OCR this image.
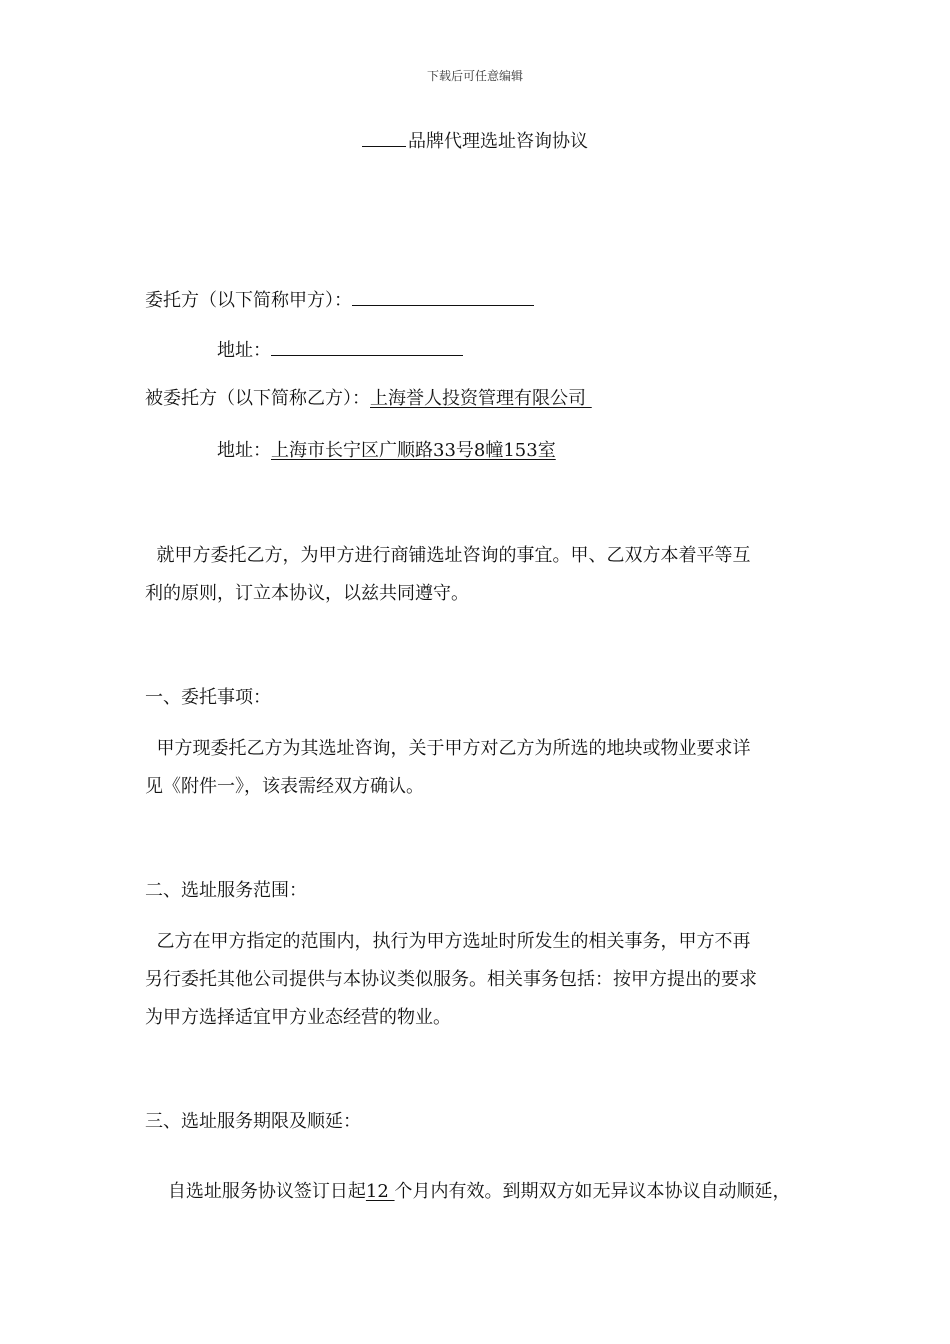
下载后可任意编辑
品牌代理选址咨询协议
委托方（以下简称甲方）：
地址：
被委托方（以下简称乙方）：上海誉人投资管理有限公司
地址：上海市长宁区广顺路33号8幢153室
就甲方委托乙方，为甲方进行商铺选址咨询的事宜。甲、乙双方本着平等互
利的原则，订立本协议，以兹共同遵守。
一、委托事项：
甲方现委托乙方为其选址咨询，关于甲方对乙方为所选的地块或物业要求详
见《附件一》，该表需经双方确认。
二、选址服务范围：
乙方在甲方指定的范围内，执行为甲方选址时所发生的相关事务，甲方不再
另行委托其他公司提供与本协议类似服务。相关事务包括：按甲方提出的要求
为甲方选择适宜甲方业态经营的物业。
三、选址服务期限及顺延：

自选址服务协议签订日起12 个月内有效。到期双方如无异议本协议自动顺延，
